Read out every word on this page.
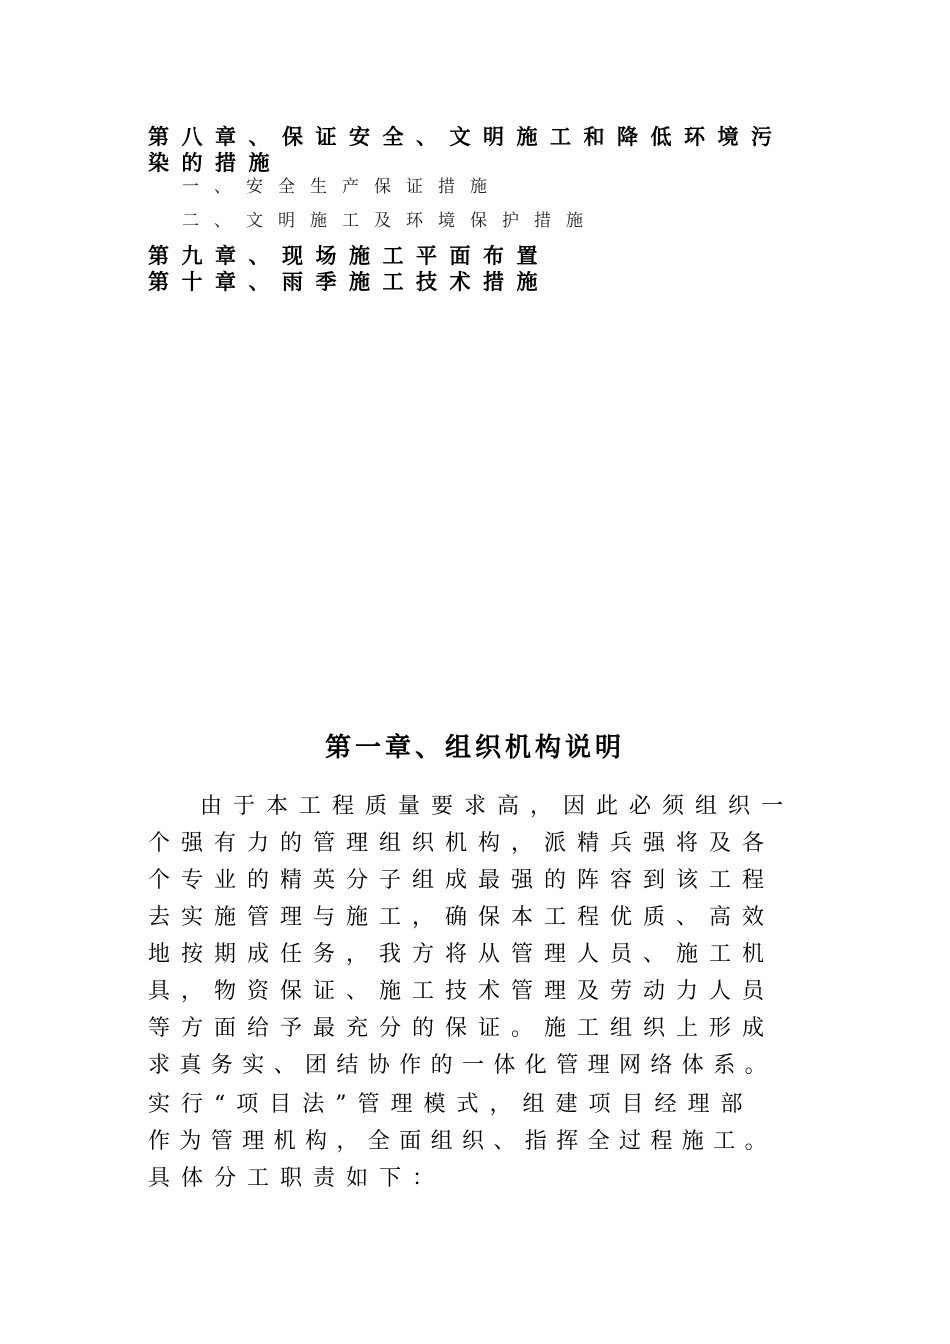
第八章、保证安全、文明施工和降低环境污
染的措施
一、安全生产保证措施
二、文明施工及环境保护措施
第九章、现场施工平面布置
第十章、雨季施工技术措施
第一章、组织机构说明
由于本工程质量要求高，因此必须组织一
个强有力的管理组织机构，派精兵强将及各
个专业的精英分子组成最强的阵容到该工程
去实施管理与施工，确保本工程优质、高效
地按期成任务，我方将从管理人员、施工机
具，物资保证、施工技术管理及劳动力人员
等方面给予最充分的保证。施工组织上形成
求真务实、团结协作的一体化管理网络体系。
实行“项目法”管理模式，组建项目经理部
作为管理机构，全面组织、指挥全过程施工。
具体分工职责如下：
